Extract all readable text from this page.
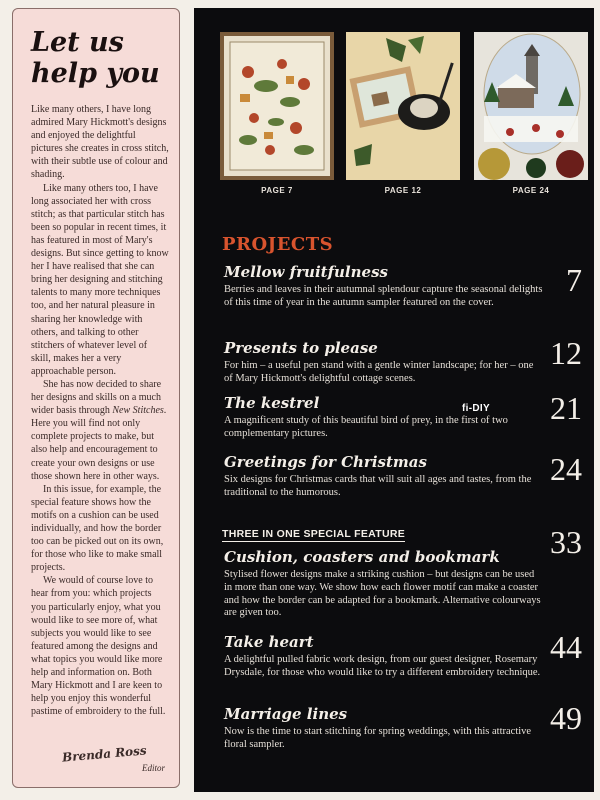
Let us
help you

Like many others, I have long admired Mary Hickmott's designs and enjoyed the delightful pictures she creates in cross stitch, with their subtle use of colour and shading.

Like many others too, I have long associated her with cross stitch; as that particular stitch has been so popular in recent times, it has featured in most of Mary's designs. But since getting to know her I have realised that she can bring her designing and stitching talents to many more techniques too, and her natural pleasure in sharing her knowledge with others, and talking to other stitchers of whatever level of skill, makes her a very approachable person.

She has now decided to share her designs and skills on a much wider basis through New Stitches. Here you will find not only complete projects to make, but also help and encouragement to create your own designs or use those shown here in other ways.

In this issue, for example, the special feature shows how the motifs on a cushion can be used individually, and how the border too can be picked out on its own, for those who like to make small projects.

We would of course love to hear from you: which projects you particularly enjoy, what you would like to see more of, what subjects you would like to see featured among the designs and what topics you would like more help and information on. Both Mary Hickmott and I are keen to help you enjoy this wonderful pastime of embroidery to the full.

Brenda Ross
Editor
PAGE 7	PAGE 12	PAGE 24
PROJECTS
Mellow fruitfulness

Berries and leaves in their autumnal splendour capture the seasonal delights of this time of year in the autumn sampler featured on the cover.

7
Presents to please

For him – a useful pen stand with a gentle winter landscape; for her – one of Mary Hickmott's delightful cottage scenes.

12
The kestrel

A magnificent study of this beautiful bird of prey, in the first of two complementary pictures.

21
fi-DIY
Greetings for Christmas

Six designs for Christmas cards that will suit all ages and tastes, from the traditional to the humorous.

24
THREE IN ONE SPECIAL FEATURE
Cushion, coasters and bookmark

Stylised flower designs make a striking cushion – but designs can be used in more than one way. We show how each flower motif can make a coaster and how the border can be adapted for a bookmark. Alternative colourways are given too.

33
Take heart

A delightful pulled fabric work design, from our guest designer, Rosemary Drysdale, for those who would like to try a different embroidery technique.

44
Marriage lines

Now is the time to start stitching for spring weddings, with this attractive floral sampler.

49
